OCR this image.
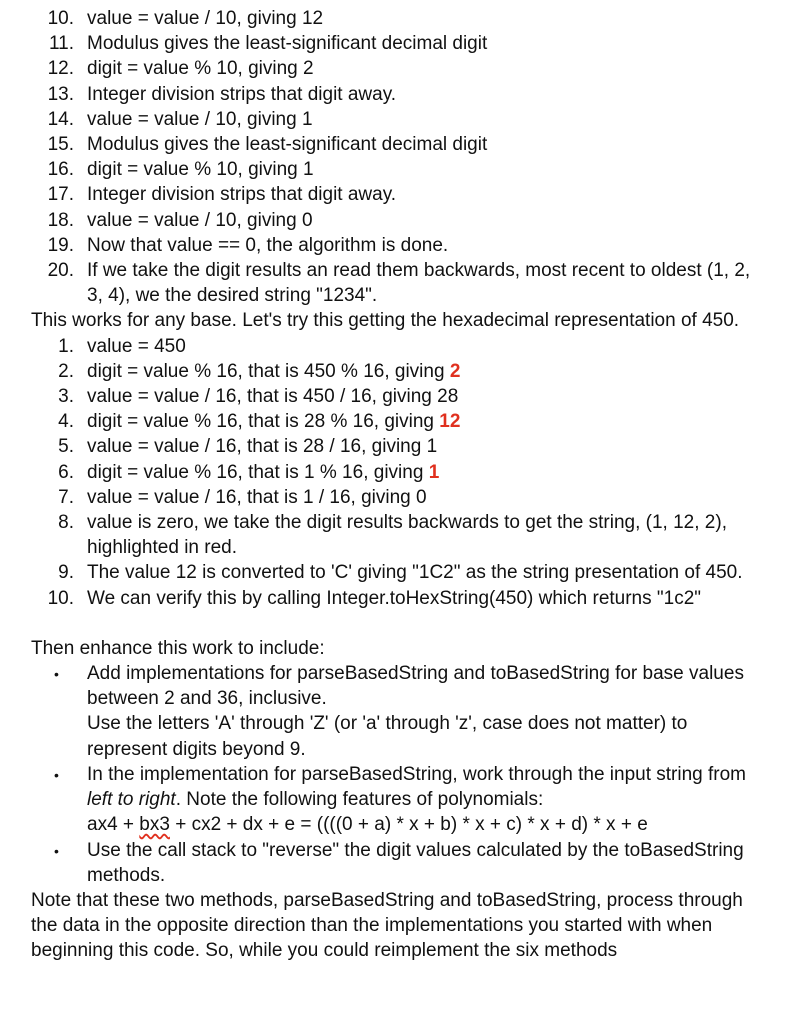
10. value = value / 10, giving 12
11. Modulus gives the least-significant decimal digit
12. digit = value % 10, giving 2
13. Integer division strips that digit away.
14. value = value / 10, giving 1
15. Modulus gives the least-significant decimal digit
16. digit = value % 10, giving 1
17. Integer division strips that digit away.
18. value = value / 10, giving 0
19. Now that value == 0, the algorithm is done.
20. If we take the digit results an read them backwards, most recent to oldest (1, 2, 3, 4), we the desired string "1234".

This works for any base. Let's try this getting the hexadecimal representation of 450.

1. value = 450
2. digit = value % 16, that is 450 % 16, giving 2
3. value = value / 16, that is 450 / 16, giving 28
4. digit = value % 16, that is 28 % 16, giving 12
5. value = value / 16, that is 28 / 16, giving 1
6. digit = value % 16, that is 1 % 16, giving 1
7. value = value / 16, that is 1 / 16, giving 0
8. value is zero, we take the digit results backwards to get the string, (1, 12, 2), highlighted in red.
9. The value 12 is converted to 'C' giving "1C2" as the string presentation of 450.
10. We can verify this by calling Integer.toHexString(450) which returns "1c2"

Then enhance this work to include:

•	Add implementations for parseBasedString and toBasedString for base values between 2 and 36, inclusive.
Use the letters 'A' through 'Z' (or 'a' through 'z', case does not matter) to represent digits beyond 9.
•	In the implementation for parseBasedString, work through the input string from left to right. Note the following features of polynomials:
ax4 + bx3 + cx2 + dx + e = ((((0 + a) * x + b) * x + c) * x + d) * x + e
•	Use the call stack to "reverse" the digit values calculated by the toBasedString methods.

Note that these two methods, parseBasedString and toBasedString, process through the data in the opposite direction than the implementations you started with when beginning this code. So, while you could reimplement the six methods
